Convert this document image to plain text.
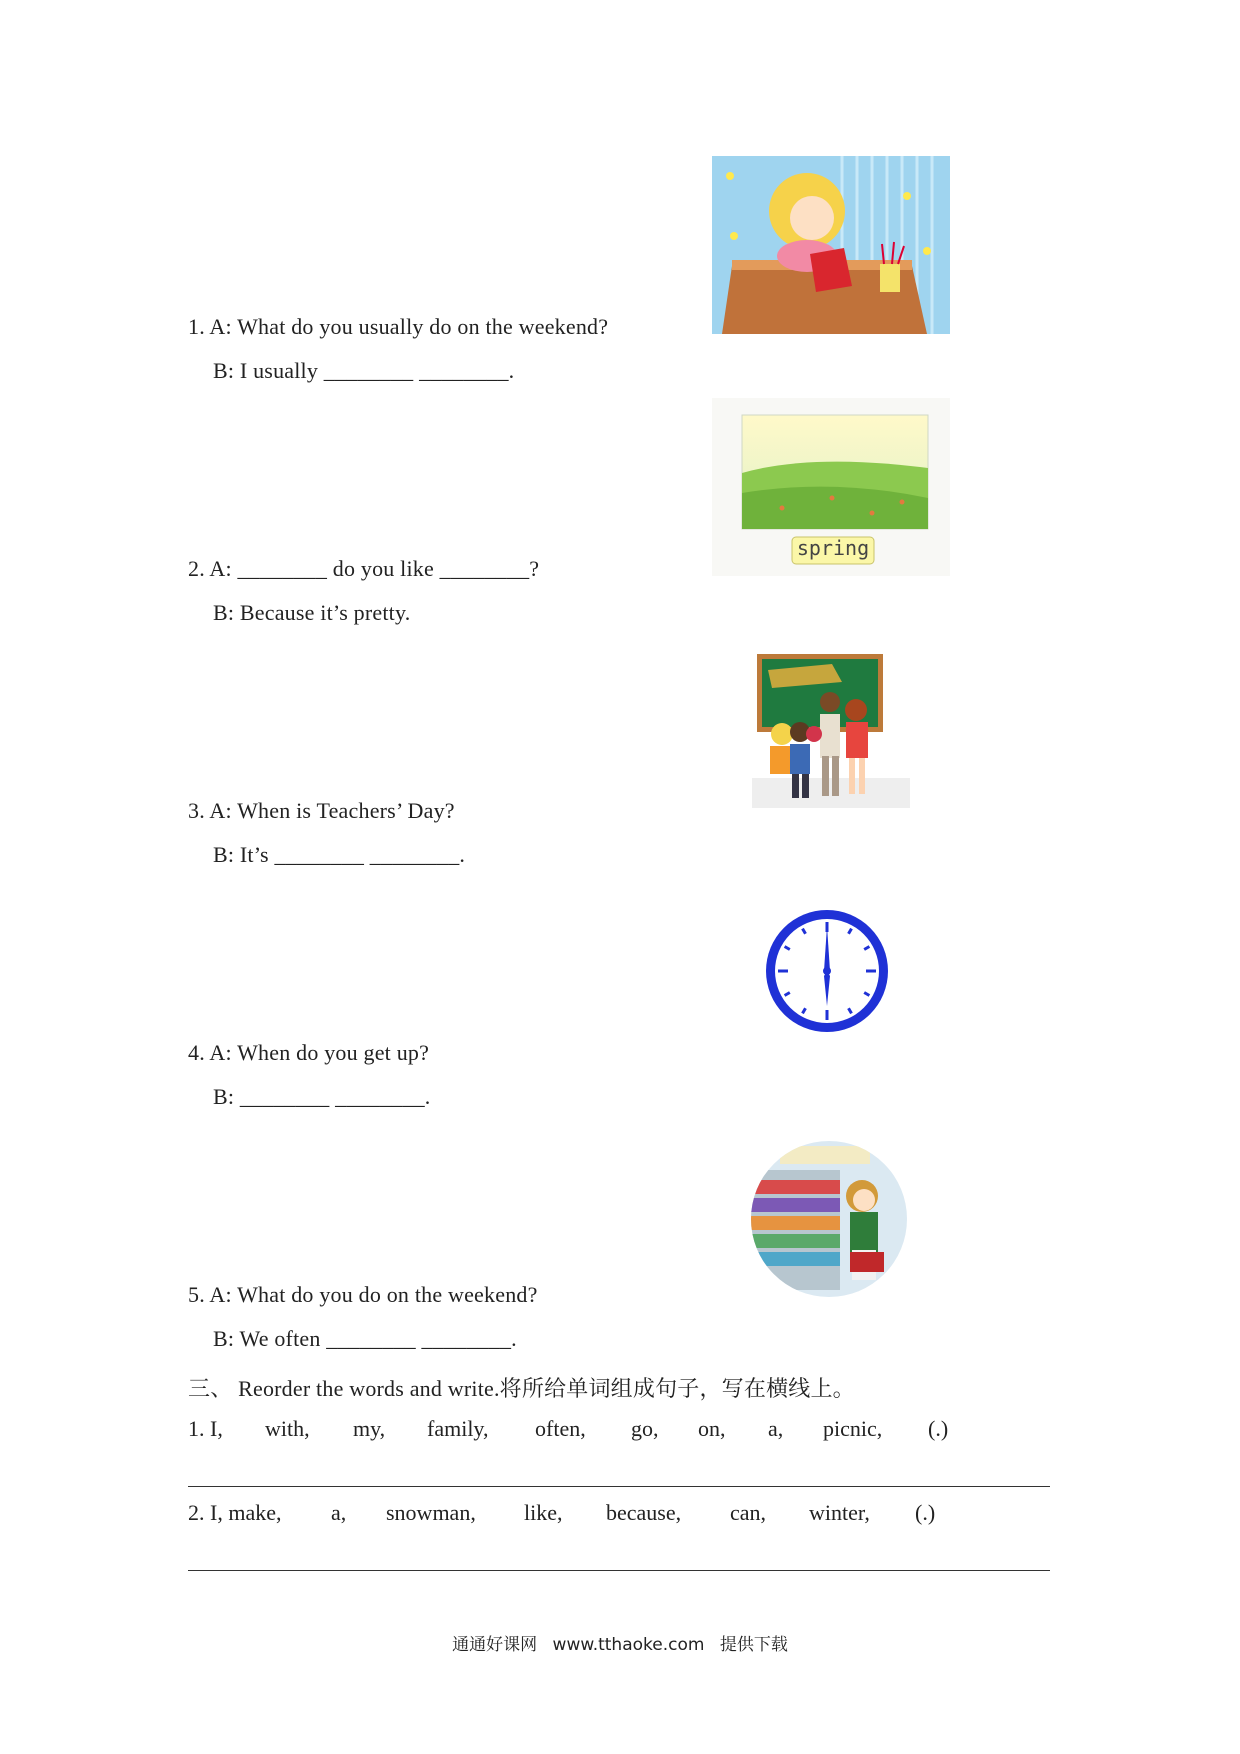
1. A: What do you usually do on the weekend?
B: I usually ________ ________.
spring
2. A: ________ do you like ________?
B: Because it’s pretty.
3. A: When is Teachers’ Day?
B: It’s ________ ________.
4. A: When do you get up?
B: ________ ________.
5. A: What do you do on the weekend?
B: We often ________ ________.
三、 Reorder the words and write.将所给单词组成句子，写在横线上。
1. I, with, my, family, often, go, on, a, picnic, (.)
2. I, make, a, snowman, like, because, can, winter, (.)
通通好课网 www.tthaoke.com 提供下载
